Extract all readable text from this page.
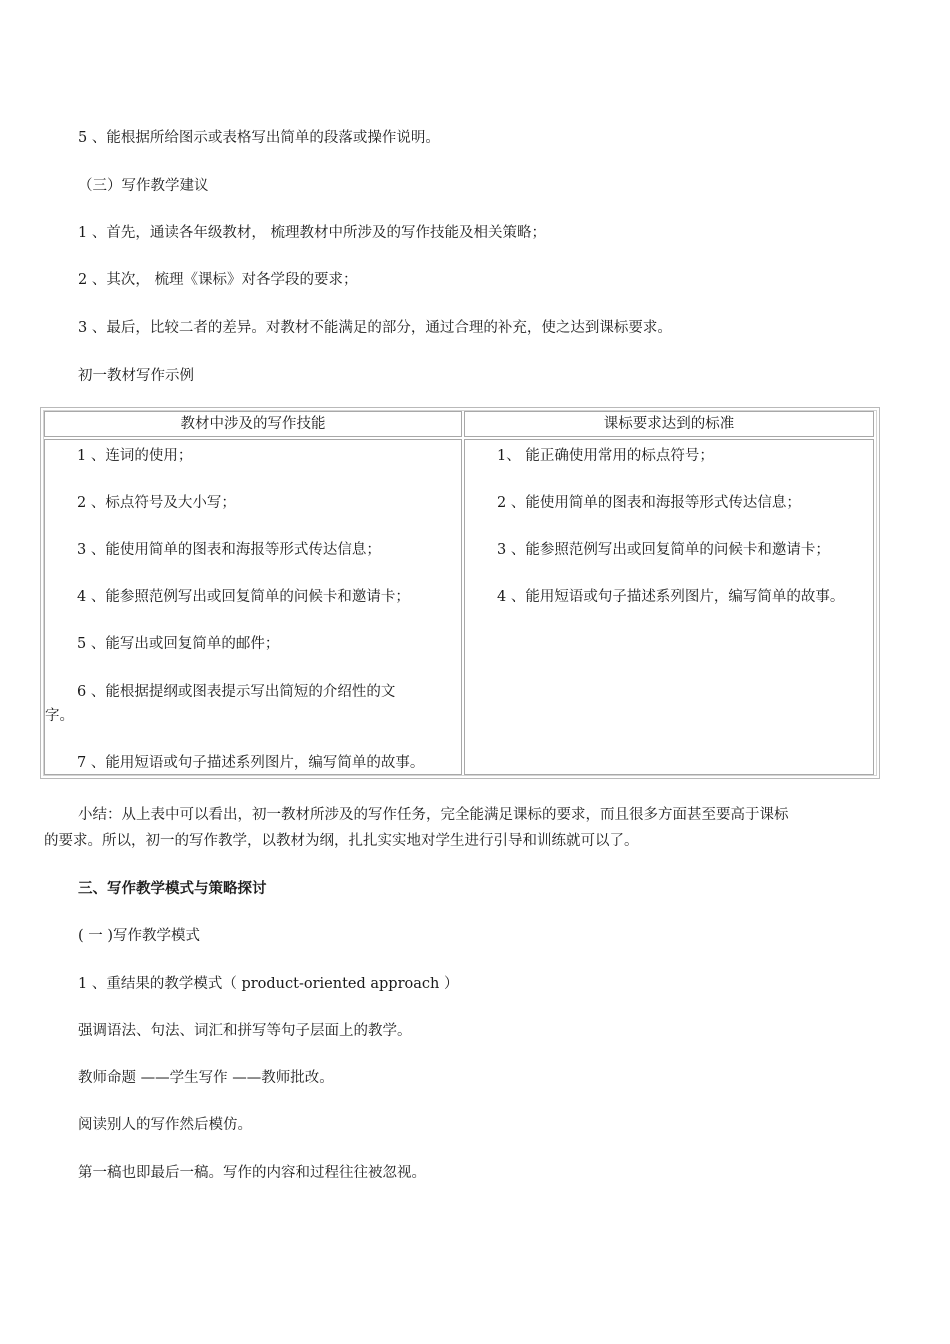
5 、能根据所给图示或表格写出简单的段落或操作说明。
（三）写作教学建议
1 、首先，通读各年级教材， 梳理教材中所涉及的写作技能及相关策略；
2 、其次， 梳理《课标》对各学段的要求；
3 、最后，比较二者的差异。对教材不能满足的部分，通过合理的补充，使之达到课标要求。
初一教材写作示例
教材中涉及的写作技能	课标要求达到的标准
1 、连词的使用；
2 、标点符号及大小写；
3 、能使用简单的图表和海报等形式传达信息；
4 、能参照范例写出或回复简单的问候卡和邀请卡；
5 、能写出或回复简单的邮件；
6 、能根据提纲或图表提示写出简短的介绍性的文
字。
7 、能用短语或句子描述系列图片，编写简单的故事。
1、 能正确使用常用的标点符号；
2 、能使用简单的图表和海报等形式传达信息；
3 、能参照范例写出或回复简单的问候卡和邀请卡；
4 、能用短语或句子描述系列图片，编写简单的故事。
小结：从上表中可以看出，初一教材所涉及的写作任务，完全能满足课标的要求，而且很多方面甚至要高于课标
的要求。所以，初一的写作教学，以教材为纲，扎扎实实地对学生进行引导和训练就可以了。
三、写作教学模式与策略探讨
( 一 )写作教学模式
1 、重结果的教学模式（ product-oriented approach ）
强调语法、句法、词汇和拼写等句子层面上的教学。
教师命题 ——学生写作 ——教师批改。
阅读别人的写作然后模仿。
第一稿也即最后一稿。写作的内容和过程往往被忽视。
